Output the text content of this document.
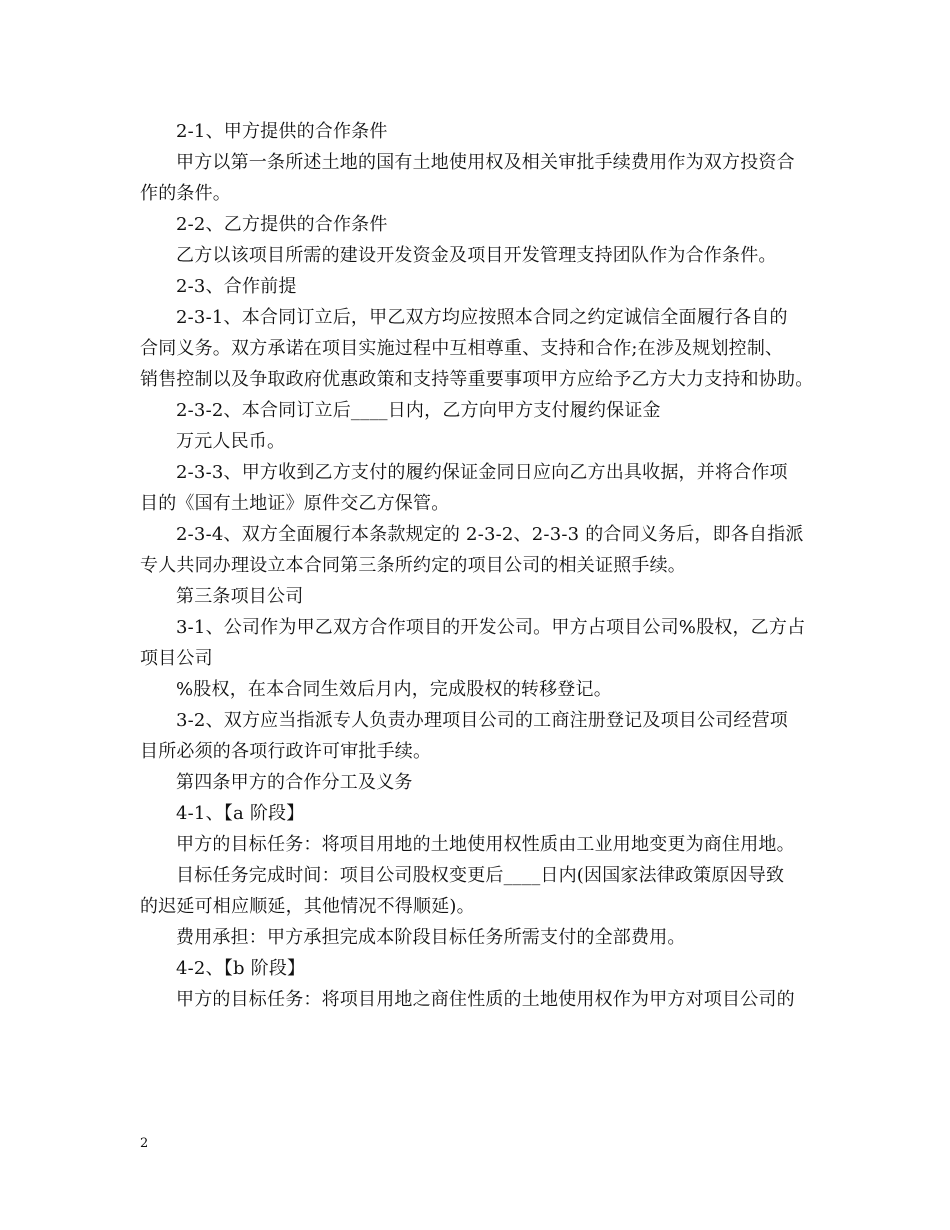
2-1、甲方提供的合作条件
甲方以第一条所述土地的国有土地使用权及相关审批手续费用作为双方投资合
作的条件。
2-2、乙方提供的合作条件
乙方以该项目所需的建设开发资金及项目开发管理支持团队作为合作条件。
2-3、合作前提
2-3-1、本合同订立后，甲乙双方均应按照本合同之约定诚信全面履行各自的
合同义务。双方承诺在项目实施过程中互相尊重、支持和合作;在涉及规划控制、
销售控制以及争取政府优惠政策和支持等重要事项甲方应给予乙方大力支持和协助。
2-3-2、本合同订立后____日内，乙方向甲方支付履约保证金
万元人民币。
2-3-3、甲方收到乙方支付的履约保证金同日应向乙方出具收据，并将合作项
目的《国有土地证》原件交乙方保管。
2-3-4、双方全面履行本条款规定的 2-3-2、2-3-3 的合同义务后，即各自指派
专人共同办理设立本合同第三条所约定的项目公司的相关证照手续。
第三条项目公司
3-1、公司作为甲乙双方合作项目的开发公司。甲方占项目公司%股权，乙方占
项目公司
%股权，在本合同生效后月内，完成股权的转移登记。
3-2、双方应当指派专人负责办理项目公司的工商注册登记及项目公司经营项
目所必须的各项行政许可审批手续。
第四条甲方的合作分工及义务
4-1、【a 阶段】
甲方的目标任务：将项目用地的土地使用权性质由工业用地变更为商住用地。
目标任务完成时间：项目公司股权变更后____日内(因国家法律政策原因导致
的迟延可相应顺延，其他情况不得顺延)。
费用承担：甲方承担完成本阶段目标任务所需支付的全部费用。
4-2、【b 阶段】
甲方的目标任务：将项目用地之商住性质的土地使用权作为甲方对项目公司的
2
